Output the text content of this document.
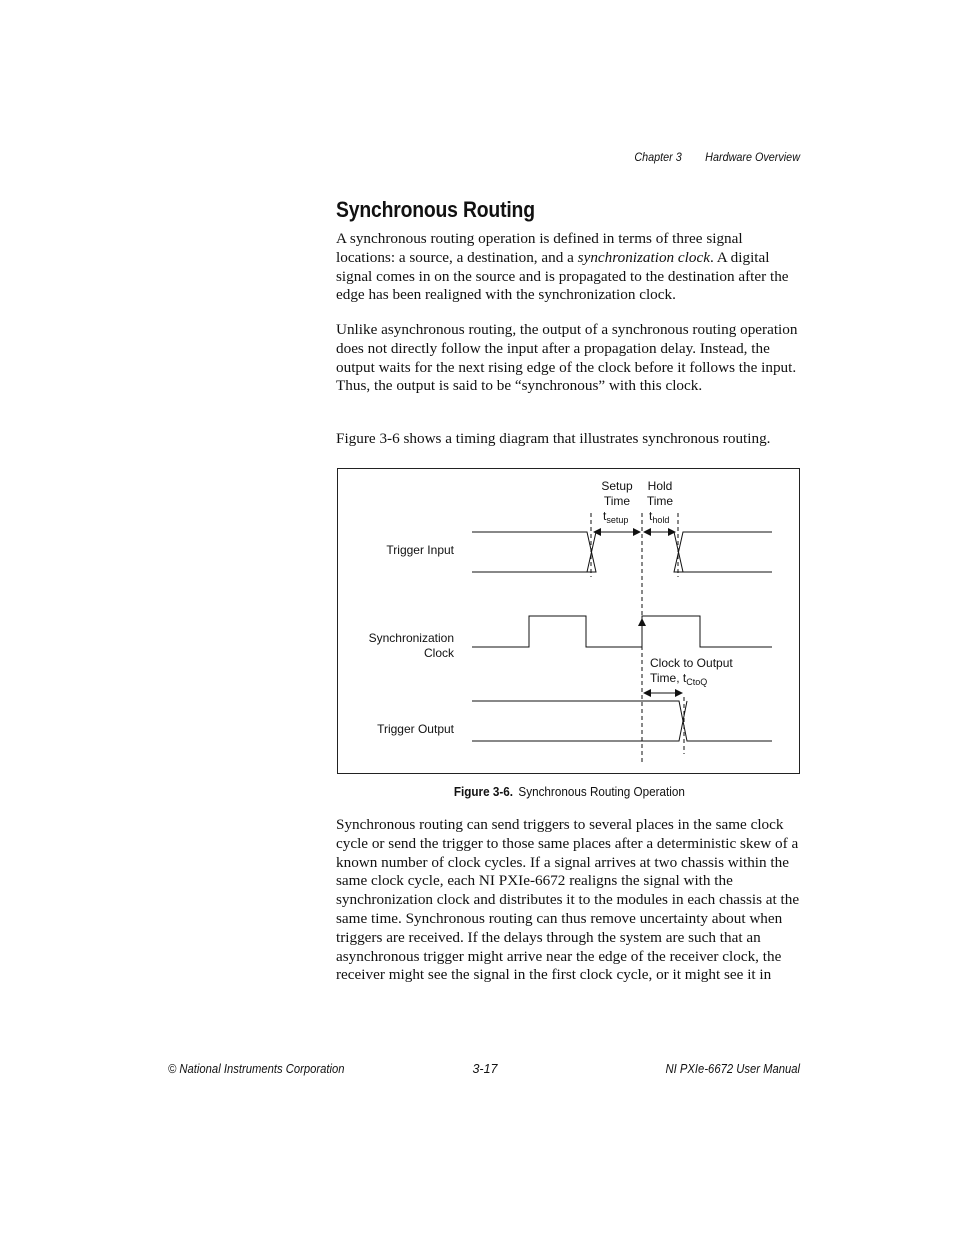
Chapter 3 Hardware Overview
Synchronous Routing

A synchronous routing operation is defined in terms of three signal locations: a source, a destination, and a synchronization clock. A digital signal comes in on the source and is propagated to the destination after the edge has been realigned with the synchronization clock.

Unlike asynchronous routing, the output of a synchronous routing operation does not directly follow the input after a propagation delay. Instead, the output waits for the next rising edge of the clock before it follows the input. Thus, the output is said to be “synchronous” with this clock.

Figure 3-6 shows a timing diagram that illustrates synchronous routing.

Trigger Input
Synchronization
Clock
Trigger Output
Setup
Time
$t_{setup}$
Hold
Time
$t_{hold}$
Clock to Output
Time, $t_{CtoQ}$
Figure 3-6. Synchronous Routing Operation

Synchronous routing can send triggers to several places in the same clock cycle or send the trigger to those same places after a deterministic skew of a known number of clock cycles. If a signal arrives at two chassis within the same clock cycle, each NI PXIe-6672 realigns the signal with the synchronization clock and distributes it to the modules in each chassis at the same time. Synchronous routing can thus remove uncertainty about when triggers are received. If the delays through the system are such that an asynchronous trigger might arrive near the edge of the receiver clock, the receiver might see the signal in the first clock cycle, or it might see it in

© National Instruments Corporation	3-17	NI PXIe-6672 User Manual
